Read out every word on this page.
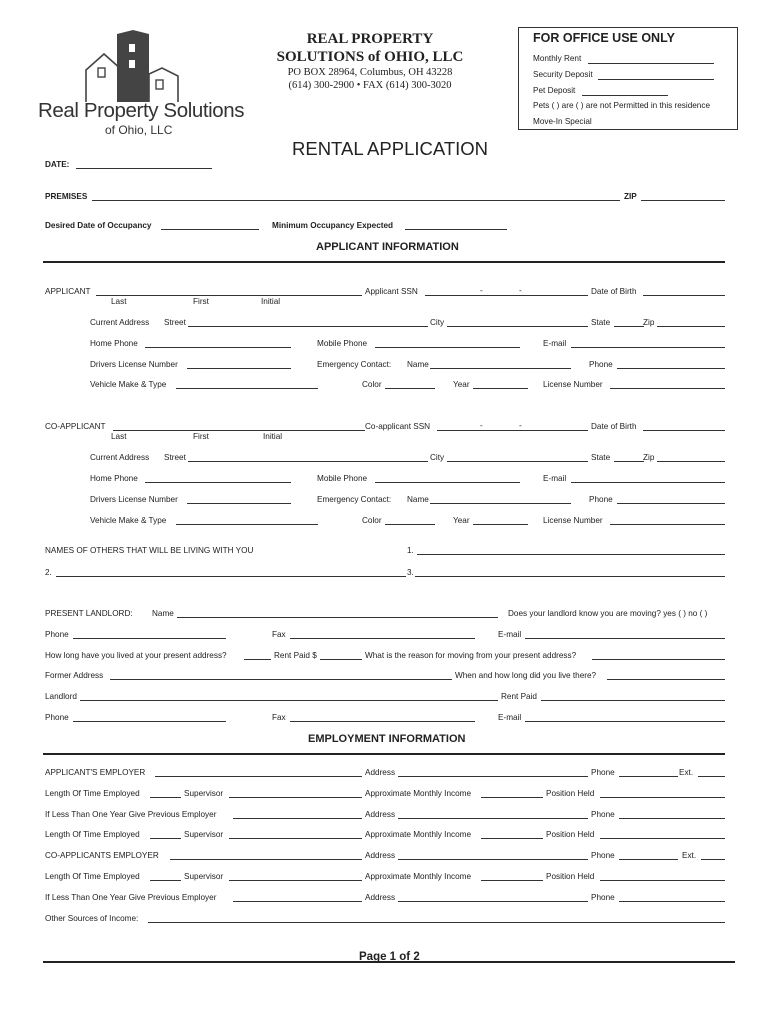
Real Property Solutions
of Ohio, LLC
REAL PROPERTY
SOLUTIONS of OHIO, LLC
PO BOX 28964, Columbus, OH 43228
(614) 300-2900 • FAX (614) 300-3020
FOR OFFICE USE ONLY
Monthly Rent
Security Deposit
Pet Deposit
Pets ( ) are ( ) are not Permitted in this residence
Move-In Special
RENTAL APPLICATION
DATE:
PREMISES	ZIP
Desired Date of Occupancy	Minimum Occupancy Expected
APPLICANT INFORMATION
APPLICANT	Applicant SSN	-	-	Date of Birth
Last	First	Initial
Current Address Street	City	State	Zip
Home Phone	Mobile Phone	E-mail
Drivers License Number	Emergency Contact: Name	Phone
Vehicle Make & Type	Color	Year	License Number
CO-APPLICANT	Co-applicant SSN	-	-	Date of Birth
Last	First	Initial
Current Address Street	City	State	Zip
Home Phone	Mobile Phone	E-mail
Drivers License Number	Emergency Contact: Name	Phone
Vehicle Make & Type	Color	Year	License Number
NAMES OF OTHERS THAT WILL BE LIVING WITH YOU	1.
2.	3.
PRESENT LANDLORD: Name	Does your landlord know you are moving? yes ( ) no ( )
Phone	Fax	E-mail
How long have you lived at your present address?	Rent Paid $	What is the reason for moving from your present address?
Former Address	When and how long did you live there?
Landlord	Rent Paid
Phone	Fax	E-mail
EMPLOYMENT INFORMATION
APPLICANT'S EMPLOYER	Address	Phone	Ext.
Length Of Time Employed	Supervisor	Approximate Monthly Income	Position Held
If Less Than One Year Give Previous Employer	Address	Phone
Length Of Time Employed	Supervisor	Approximate Monthly Income	Position Held
CO-APPLICANTS EMPLOYER	Address	Phone	Ext.
Length Of Time Employed	Supervisor	Approximate Monthly Income	Position Held
If Less Than One Year Give Previous Employer	Address	Phone
Other Sources of Income:
Page 1 of 2
